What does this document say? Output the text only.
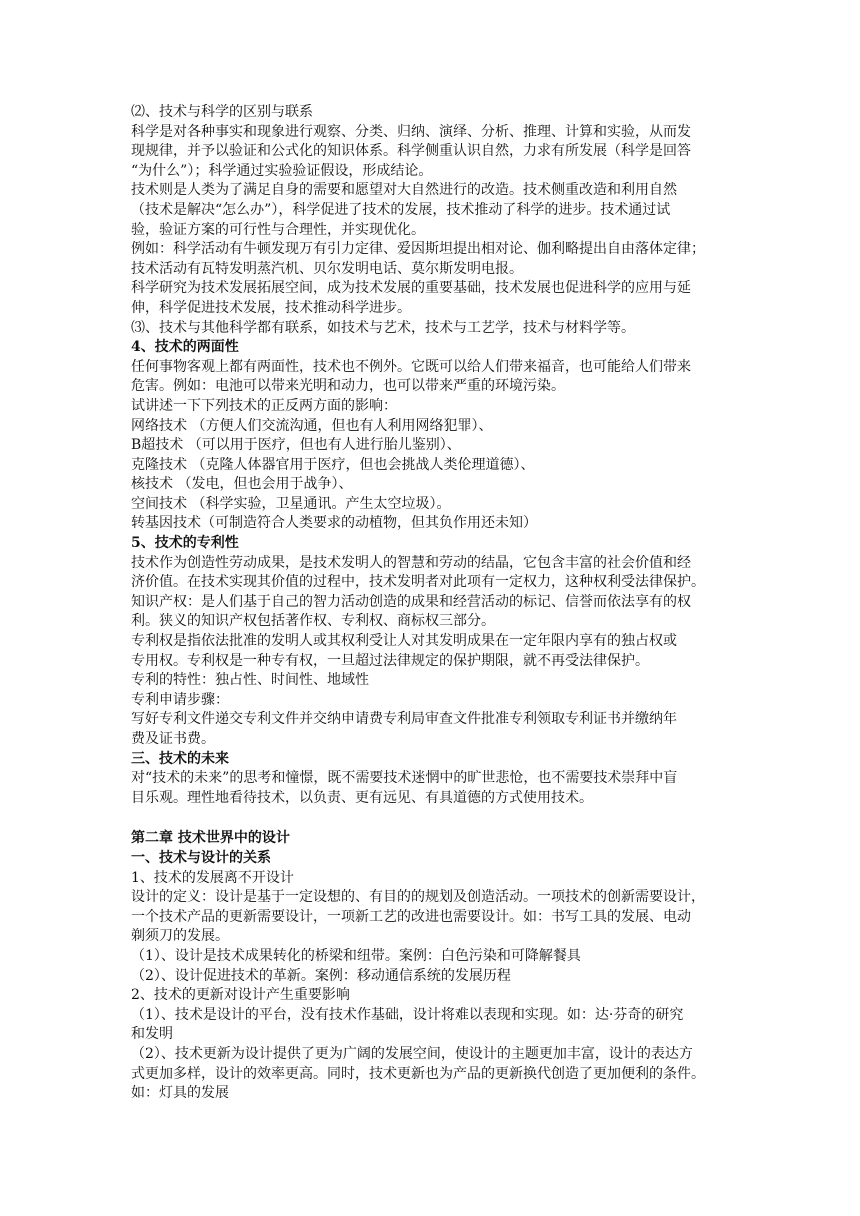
⑵、技术与科学的区别与联系
科学是对各种事实和现象进行观察、分类、归纳、演绎、分析、推理、计算和实验，从而发
现规律，并予以验证和公式化的知识体系。科学侧重认识自然，力求有所发展（科学是回答
“为什么”）；科学通过实验验证假设，形成结论。
技术则是人类为了满足自身的需要和愿望对大自然进行的改造。技术侧重改造和利用自然
（技术是解决“怎么办”），科学促进了技术的发展，技术推动了科学的进步。技术通过试
验，验证方案的可行性与合理性，并实现优化。
例如：科学活动有牛顿发现万有引力定律、爱因斯坦提出相对论、伽利略提出自由落体定律；
技术活动有瓦特发明蒸汽机、贝尔发明电话、莫尔斯发明电报。
科学研究为技术发展拓展空间，成为技术发展的重要基础，技术发展也促进科学的应用与延
伸，科学促进技术发展，技术推动科学进步。
⑶、技术与其他科学都有联系，如技术与艺术，技术与工艺学，技术与材料学等。
4、技术的两面性
任何事物客观上都有两面性，技术也不例外。它既可以给人们带来福音，也可能给人们带来
危害。例如：电池可以带来光明和动力，也可以带来严重的环境污染。
试讲述一下下列技术的正反两方面的影响：
网络技术 （方便人们交流沟通，但也有人利用网络犯罪）、
B超技术 （可以用于医疗，但也有人进行胎儿鉴别）、
克隆技术 （克隆人体器官用于医疗，但也会挑战人类伦理道德）、
核技术 （发电，但也会用于战争）、
空间技术 （科学实验，卫星通讯。产生太空垃圾）。
转基因技术（可制造符合人类要求的动植物，但其负作用还未知）
5、技术的专利性
技术作为创造性劳动成果，是技术发明人的智慧和劳动的结晶，它包含丰富的社会价值和经
济价值。在技术实现其价值的过程中，技术发明者对此项有一定权力，这种权利受法律保护。
知识产权：是人们基于自己的智力活动创造的成果和经营活动的标记、信誉而依法享有的权
利。狭义的知识产权包括著作权、专利权、商标权三部分。
专利权是指依法批准的发明人或其权利受让人对其发明成果在一定年限内享有的独占权或
专用权。专利权是一种专有权，一旦超过法律规定的保护期限，就不再受法律保护。
专利的特性：独占性、时间性、地域性
专利申请步骤：
写好专利文件递交专利文件并交纳申请费专利局审查文件批准专利领取专利证书并缴纳年
费及证书费。
三、技术的未来
对“技术的未来”的思考和憧憬，既不需要技术迷惘中的旷世悲怆，也不需要技术崇拜中盲
目乐观。理性地看待技术，以负责、更有远见、有具道德的方式使用技术。
第二章 技术世界中的设计
一、技术与设计的关系
1、技术的发展离不开设计
设计的定义：设计是基于一定设想的、有目的的规划及创造活动。一项技术的创新需要设计，
一个技术产品的更新需要设计，一项新工艺的改进也需要设计。如：书写工具的发展、电动
剃须刀的发展。
（1）、设计是技术成果转化的桥梁和纽带。案例：白色污染和可降解餐具
（2）、设计促进技术的革新。案例：移动通信系统的发展历程
2、技术的更新对设计产生重要影响
（1）、技术是设计的平台，没有技术作基础，设计将难以表现和实现。如：达·芬奇的研究
和发明
（2）、技术更新为设计提供了更为广阔的发展空间，使设计的主题更加丰富，设计的表达方
式更加多样，设计的效率更高。同时，技术更新也为产品的更新换代创造了更加便利的条件。
如：灯具的发展
